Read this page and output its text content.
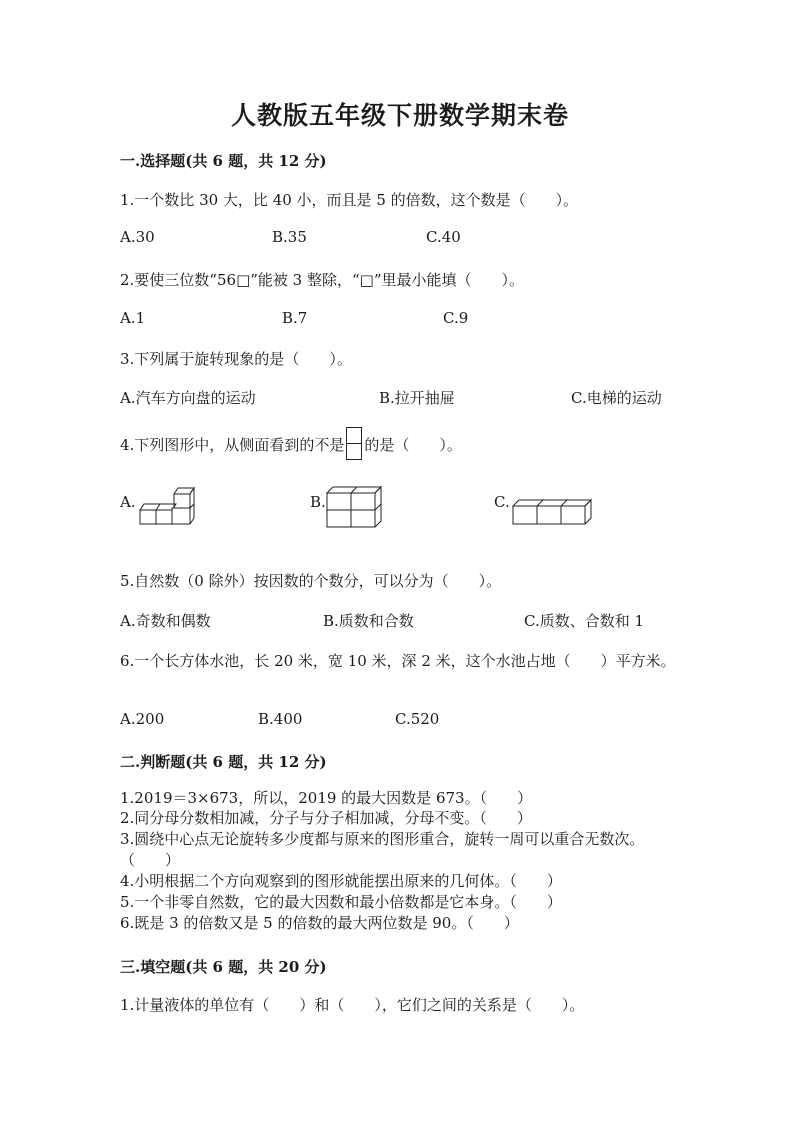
人教版五年级下册数学期末卷
一.选择题(共 6 题，共 12 分)
1.一个数比 30 大，比 40 小，而且是 5 的倍数，这个数是（　　）。
A.30	B.35	C.40
2.要使三位数“56□”能被 3 整除，“□”里最小能填（　　）。
A.1	B.7	C.9
3.下列属于旋转现象的是（　　）。
A.汽车方向盘的运动	B.拉开抽屉	C.电梯的运动
4.下列图形中，从侧面看到的不是 的是（　　）。
A.	B.	C.
5.自然数（0 除外）按因数的个数分，可以分为（　　）。
A.奇数和偶数	B.质数和合数	C.质数、合数和 1
6.一个长方体水池，长 20 米，宽 10 米，深 2 米，这个水池占地（　　）平方米。
A.200	B.400	C.520
二.判断题(共 6 题，共 12 分)
1.2019＝3×673，所以，2019 的最大因数是 673。（　　）
2.同分母分数相加减，分子与分子相加减，分母不变。（　　）
3.圆绕中心点无论旋转多少度都与原来的图形重合，旋转一周可以重合无数次。　　（　　）
4.小明根据二个方向观察到的图形就能摆出原来的几何体。（　　）
5.一个非零自然数，它的最大因数和最小倍数都是它本身。（　　）
6.既是 3 的倍数又是 5 的倍数的最大两位数是 90。（　　）
三.填空题(共 6 题，共 20 分)
1.计量液体的单位有（　　）和（　　），它们之间的关系是（　　）。
